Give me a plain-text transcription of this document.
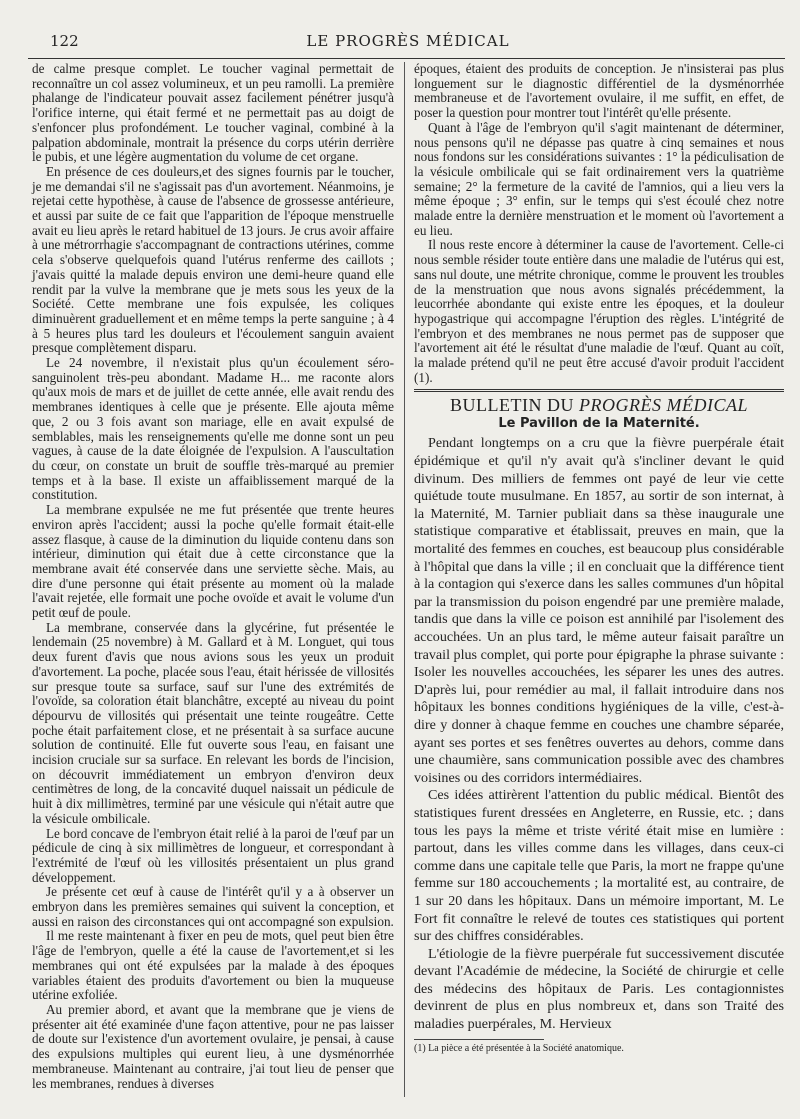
122	LE PROGRÈS MÉDICAL

de calme presque complet. Le toucher vaginal permettait de reconnaître un col assez volumineux, et un peu ramolli. La première phalange de l'indicateur pouvait assez facilement pénétrer jusqu'à l'orifice interne, qui était fermé et ne permettait pas au doigt de s'enfoncer plus profondément. Le toucher vaginal, combiné à la palpation abdominale, montrait la présence du corps utérin derrière le pubis, et une légère augmentation du volume de cet organe.

En présence de ces douleurs,et des signes fournis par le toucher, je me demandai s'il ne s'agissait pas d'un avortement. Néanmoins, je rejetai cette hypothèse, à cause de l'absence de grossesse antérieure, et aussi par suite de ce fait que l'apparition de l'époque menstruelle avait eu lieu après le retard habituel de 13 jours. Je crus avoir affaire à une métrorrhagie s'accompagnant de contractions utérines, comme cela s'observe quelquefois quand l'utérus renferme des caillots ; j'avais quitté la malade depuis environ une demi-heure quand elle rendit par la vulve la membrane que je mets sous les yeux de la Société. Cette membrane une fois expulsée, les coliques diminuèrent graduellement et en même temps la perte sanguine ; à 4 à 5 heures plus tard les douleurs et l'écoulement sanguin avaient presque complètement disparu.

Le 24 novembre, il n'existait plus qu'un écoulement séro-sanguinolent très-peu abondant. Madame H... me raconte alors qu'aux mois de mars et de juillet de cette année, elle avait rendu des membranes identiques à celle que je présente. Elle ajouta même que, 2 ou 3 fois avant son mariage, elle en avait expulsé de semblables, mais les renseignements qu'elle me donne sont un peu vagues, à cause de la date éloignée de l'expulsion. A l'auscultation du cœur, on constate un bruit de souffle très-marqué au premier temps et à la base. Il existe un affaiblissement marqué de la constitution.

La membrane expulsée ne me fut présentée que trente heures environ après l'accident; aussi la poche qu'elle formait était-elle assez flasque, à cause de la diminution du liquide contenu dans son intérieur, diminution qui était due à cette circonstance que la membrane avait été conservée dans une serviette sèche. Mais, au dire d'une personne qui était présente au moment où la malade l'avait rejetée, elle formait une poche ovoïde et avait le volume d'un petit œuf de poule.

La membrane, conservée dans la glycérine, fut présentée le lendemain (25 novembre) à M. Gallard et à M. Longuet, qui tous deux furent d'avis que nous avions sous les yeux un produit d'avortement. La poche, placée sous l'eau, était hérissée de villosités sur presque toute sa surface, sauf sur l'une des extrémités de l'ovoïde, sa coloration était blanchâtre, excepté au niveau du point dépourvu de villosités qui présentait une teinte rougeâtre. Cette poche était parfaitement close, et ne présentait à sa surface aucune solution de continuité. Elle fut ouverte sous l'eau, en faisant une incision cruciale sur sa surface. En relevant les bords de l'incision, on découvrit immédiatement un embryon d'environ deux centimètres de long, de la concavité duquel naissait un pédicule de huit à dix millimètres, terminé par une vésicule qui n'était autre que la vésicule ombilicale.

Le bord concave de l'embryon était relié à la paroi de l'œuf par un pédicule de cinq à six millimètres de longueur, et correspondant à l'extrémité de l'œuf où les villosités présentaient un plus grand développement.

Je présente cet œuf à cause de l'intérêt qu'il y a à observer un embryon dans les premières semaines qui suivent la conception, et aussi en raison des circonstances qui ont accompagné son expulsion.

Il me reste maintenant à fixer en peu de mots, quel peut bien être l'âge de l'embryon, quelle a été la cause de l'avortement,et si les membranes qui ont été expulsées par la malade à des époques variables étaient des produits d'avortement ou bien la muqueuse utérine exfoliée.

Au premier abord, et avant que la membrane que je viens de présenter ait été examinée d'une façon attentive, pour ne pas laisser de doute sur l'existence d'un avortement ovulaire, je pensai, à cause des expulsions multiples qui eurent lieu, à une dysménorrhée membraneuse. Maintenant au contraire, j'ai tout lieu de penser que les membranes, rendues à diverses

époques, étaient des produits de conception. Je n'insisterai pas plus longuement sur le diagnostic différentiel de la dysménorrhée membraneuse et de l'avortement ovulaire, il me suffit, en effet, de poser la question pour montrer tout l'intérêt qu'elle présente.

Quant à l'âge de l'embryon qu'il s'agit maintenant de déterminer, nous pensons qu'il ne dépasse pas quatre à cinq semaines et nous nous fondons sur les considérations suivantes : 1° la pédiculisation de la vésicule ombilicale qui se fait ordinairement vers la quatrième semaine; 2° la fermeture de la cavité de l'amnios, qui a lieu vers la même époque ; 3° enfin, sur le temps qui s'est écoulé chez notre malade entre la dernière menstruation et le moment où l'avortement a eu lieu.

Il nous reste encore à déterminer la cause de l'avortement. Celle-ci nous semble résider toute entière dans une maladie de l'utérus qui est, sans nul doute, une métrite chronique, comme le prouvent les troubles de la menstruation que nous avons signalés précédemment, la leucorrhée abondante qui existe entre les époques, et la douleur hypogastrique qui accompagne l'éruption des règles. L'intégrité de l'embryon et des membranes ne nous permet pas de supposer que l'avortement ait été le résultat d'une maladie de l'œuf. Quant au coït, la malade prétend qu'il ne peut être accusé d'avoir produit l'accident (1).

BULLETIN DU PROGRÈS MÉDICAL
Le Pavillon de la Maternité.

Pendant longtemps on a cru que la fièvre puerpérale était épidémique et qu'il n'y avait qu'à s'incliner devant le quid divinum. Des milliers de femmes ont payé de leur vie cette quiétude toute musulmane. En 1857, au sortir de son internat, à la Maternité, M. Tarnier publiait dans sa thèse inaugurale une statistique comparative et établissait, preuves en main, que la mortalité des femmes en couches, est beaucoup plus considérable à l'hôpital que dans la ville ; il en concluait que la différence tient à la contagion qui s'exerce dans les salles communes d'un hôpital par la transmission du poison engendré par une première malade, tandis que dans la ville ce poison est annihilé par l'isolement des accouchées. Un an plus tard, le même auteur faisait paraître un travail plus complet, qui porte pour épigraphe la phrase suivante : Isoler les nouvelles accouchées, les séparer les unes des autres. D'après lui, pour remédier au mal, il fallait introduire dans nos hôpitaux les bonnes conditions hygiéniques de la ville, c'est-à-dire y donner à chaque femme en couches une chambre séparée, ayant ses portes et ses fenêtres ouvertes au dehors, comme dans une chaumière, sans communication possible avec des chambres voisines ou des corridors intermédiaires.

Ces idées attirèrent l'attention du public médical. Bientôt des statistiques furent dressées en Angleterre, en Russie, etc. ; dans tous les pays la même et triste vérité était mise en lumière : partout, dans les villes comme dans les villages, dans ceux-ci comme dans une capitale telle que Paris, la mort ne frappe qu'une femme sur 180 accouchements ; la mortalité est, au contraire, de 1 sur 20 dans les hôpitaux. Dans un mémoire important, M. Le Fort fit connaître le relevé de toutes ces statistiques qui portent sur des chiffres considérables.

L'étiologie de la fièvre puerpérale fut successivement discutée devant l'Académie de médecine, la Société de chirurgie et celle des médecins des hôpitaux de Paris. Les contagionnistes devinrent de plus en plus nombreux et, dans son Traité des maladies puerpérales, M. Hervieux

(1) La pièce a été présentée à la Société anatomique.
